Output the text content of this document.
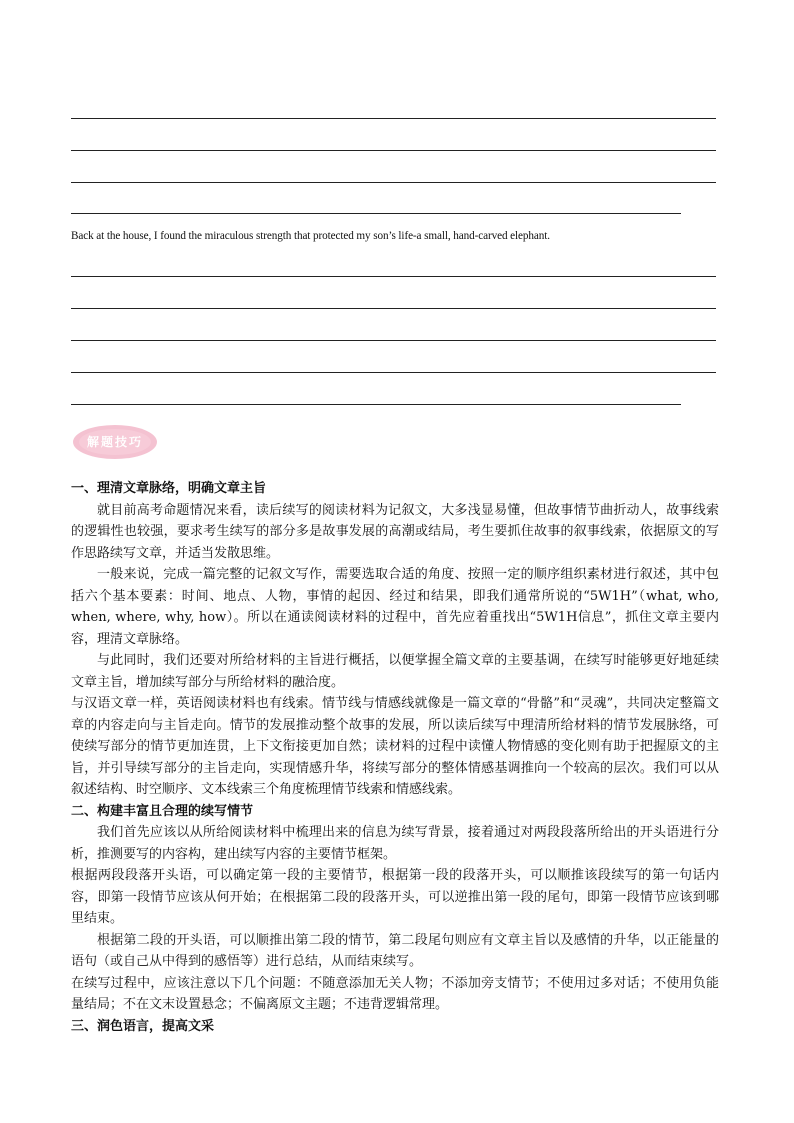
Back at the house, I found the miraculous strength that protected my son’s life-a small, hand-carved elephant.
解题技巧
一、理清文章脉络，明确文章主旨

就目前高考命题情况来看，读后续写的阅读材料为记叙文，大多浅显易懂，但故事情节曲折动人，故事线索的逻辑性也较强，要求考生续写的部分多是故事发展的高潮或结局，考生要抓住故事的叙事线索，依据原文的写作思路续写文章，并适当发散思维。

一般来说，完成一篇完整的记叙文写作，需要选取合适的角度、按照一定的顺序组织素材进行叙述，其中包括六个基本要素：时间、地点、人物，事情的起因、经过和结果，即我们通常所说的“5W1H”（what, who, when, where, why, how）。所以在通读阅读材料的过程中，首先应着重找出“5W1H信息”，抓住文章主要内容，理清文章脉络。

与此同时，我们还要对所给材料的主旨进行概括，以便掌握全篇文章的主要基调，在续写时能够更好地延续文章主旨，增加续写部分与所给材料的融洽度。

与汉语文章一样，英语阅读材料也有线索。情节线与情感线就像是一篇文章的“骨骼”和“灵魂”，共同决定整篇文章的内容走向与主旨走向。情节的发展推动整个故事的发展，所以读后续写中理清所给材料的情节发展脉络，可使续写部分的情节更加连贯，上下文衔接更加自然；读材料的过程中读懂人物情感的变化则有助于把握原文的主旨，并引导续写部分的主旨走向，实现情感升华，将续写部分的整体情感基调推向一个较高的层次。我们可以从叙述结构、时空顺序、文本线索三个角度梳理情节线索和情感线索。

二、构建丰富且合理的续写情节

我们首先应该以从所给阅读材料中梳理出来的信息为续写背景，接着通过对两段段落所给出的开头语进行分析，推测要写的内容构，建出续写内容的主要情节框架。

根据两段段落开头语，可以确定第一段的主要情节，根据第一段的段落开头，可以顺推该段续写的第一句话内容，即第一段情节应该从何开始；在根据第二段的段落开头，可以逆推出第一段的尾句，即第一段情节应该到哪里结束。

根据第二段的开头语，可以顺推出第二段的情节，第二段尾句则应有文章主旨以及感情的升华，以正能量的语句（或自己从中得到的感悟等）进行总结，从而结束续写。

在续写过程中，应该注意以下几个问题：不随意添加无关人物；不添加旁支情节；不使用过多对话；不使用负能量结局；不在文末设置悬念；不偏离原文主题；不违背逻辑常理。

三、润色语言，提高文采
